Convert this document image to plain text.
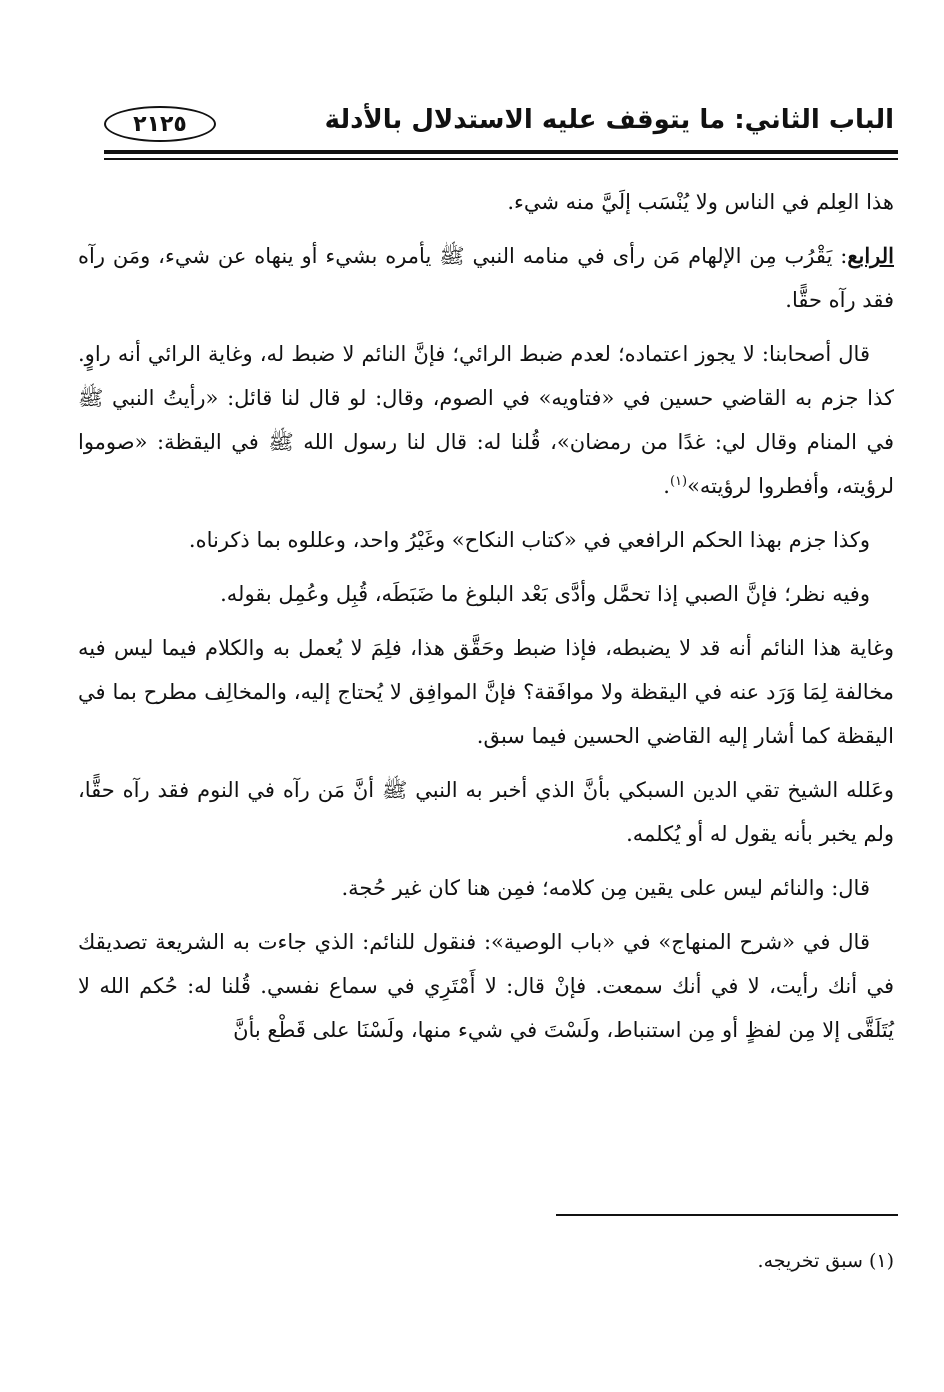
الباب الثاني: ما يتوقف عليه الاستدلال بالأدلة
٢١٢٥

هذا العِلم في الناس ولا يُنْسَب إلَيَّ منه شيء.

الرابع: يَقْرُب مِن الإلهام مَن رأى في منامه النبي ﷺ يأمره بشيء أو ينهاه عن شيء، ومَن رآه فقد رآه حقًّا.

قال أصحابنا: لا يجوز اعتماده؛ لعدم ضبط الرائي؛ فإنَّ النائم لا ضبط له، وغاية الرائي أنه راوٍ. كذا جزم به القاضي حسين في «فتاويه» في الصوم، وقال: لو قال لنا قائل: «رأيتُ النبي ﷺ في المنام وقال لي: غدًا من رمضان»، قُلنا له: قال لنا رسول الله ﷺ في اليقظة: «صوموا لرؤيته، وأفطروا لرؤيته»$^{(١)}$.

وكذا جزم بهذا الحكم الرافعي في «كتاب النكاح» وغَيْرُ واحد، وعللوه بما ذكرناه.

وفيه نظر؛ فإنَّ الصبي إذا تحمَّل وأدَّى بَعْد البلوغ ما ضَبَطَه، قُبِل وعُمِل بقوله.

وغاية هذا النائم أنه قد لا يضبطه، فإذا ضبط وحَقَّق هذا، فلِمَ لا يُعمل به والكلام فيما ليس فيه مخالفة لِمَا وَرَد عنه في اليقظة ولا موافَقة؟ فإنَّ الموافِق لا يُحتاج إليه، والمخالِف مطرح بما في اليقظة كما أشار إليه القاضي الحسين فيما سبق.

وعَلله الشيخ تقي الدين السبكي بأنَّ الذي أخبر به النبي ﷺ أنَّ مَن رآه في النوم فقد رآه حقًّا، ولم يخبر بأنه يقول له أو يُكلمه.

قال: والنائم ليس على يقين مِن كلامه؛ فمِن هنا كان غير حُجة.

قال في «شرح المنهاج» في «باب الوصية»: فنقول للنائم: الذي جاءت به الشريعة تصديقك في أنك رأيت، لا في أنك سمعت. فإنْ قال: لا أَمْتَرِي في سماع نفسي. قُلنا له: حُكم الله لا يُتَلَقَّى إلا مِن لفظٍ أو مِن استنباط، ولَسْتَ في شيء منها، ولَسْنَا على قَطْع بأنَّ

(١) سبق تخريجه.
